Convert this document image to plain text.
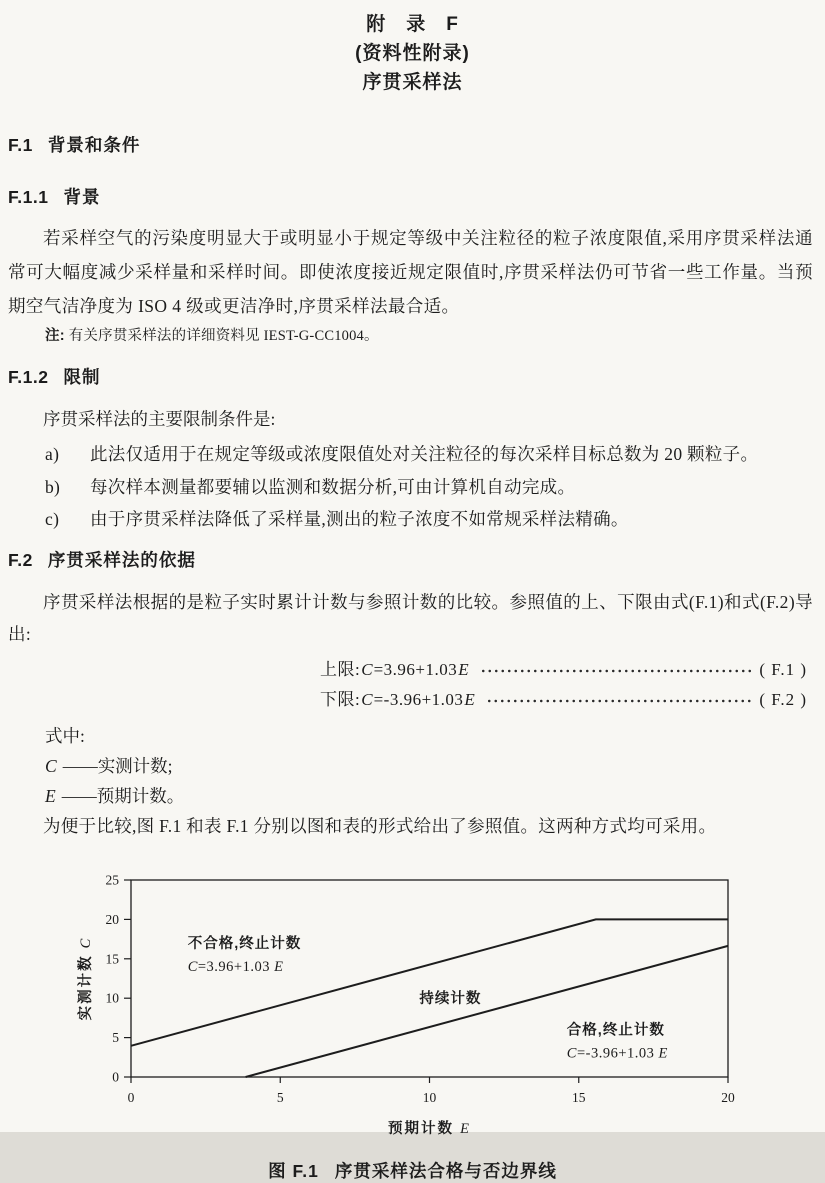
附　录　F
(资料性附录)
序贯采样法
F.1 背景和条件
F.1.1 背景

若采样空气的污染度明显大于或明显小于规定等级中关注粒径的粒子浓度限值,采用序贯采样法通常可大幅度减少采样量和采样时间。即使浓度接近规定限值时,序贯采样法仍可节省一些工作量。当预期空气洁净度为 ISO 4 级或更洁净时,序贯采样法最合适。

注: 有关序贯采样法的详细资料见 IEST-G-CC1004。
F.1.2 限制

序贯采样法的主要限制条件是:

a) 此法仅适用于在规定等级或浓度限值处对关注粒径的每次采样目标总数为 20 颗粒子。
b) 每次样本测量都要辅以监测和数据分析,可由计算机自动完成。
c) 由于序贯采样法降低了采样量,测出的粒子浓度不如常规采样法精确。
F.2 序贯采样法的依据

序贯采样法根据的是粒子实时累计计数与参照计数的比较。参照值的上、下限由式(F.1)和式(F.2)导出:

上限: C =3.96+1.03 E	( F.1 )
下限: C =-3.96+1.03 E	( F.2 )
式中:
C ——实测计数;
E ——预期计数。

为便于比较,图 F.1 和表 F.1 分别以图和表的形式给出了参照值。这两种方式均可采用。

0	5	10	15	20
0
5
10
15
20
25
不合格,终止计数
C=3.96+1.03 E
持续计数
合格,终止计数
C=-3.96+1.03 E
预期计数 E
实测计数 C
图 F.1 序贯采样法合格与否边界线
